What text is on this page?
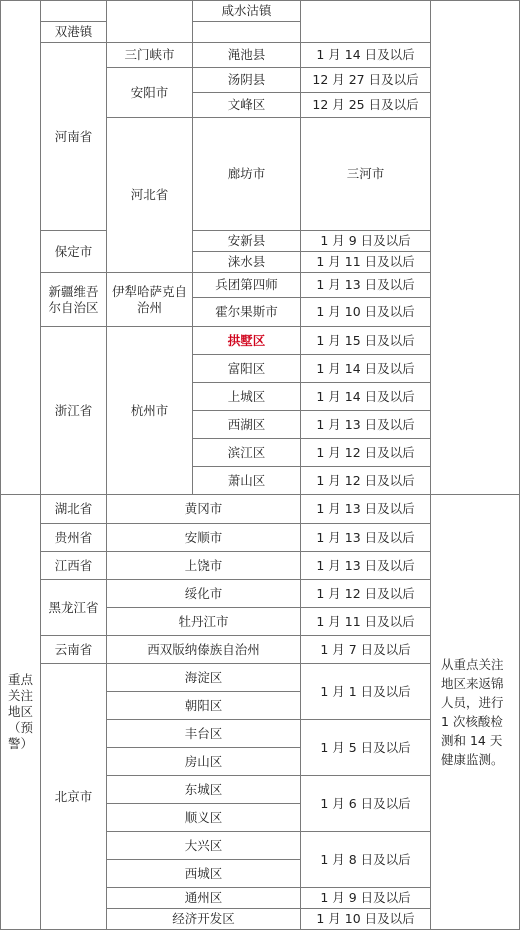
			咸水沽镇			
	双港镇					
	河南省	三门峡市	渑池县	1 月 14 日及以后		
		安阳市	汤阴县	12 月 27 日及以后		
			文峰区	12 月 25 日及以后		
		河北省	廊坊市	三河市	
	保定市		安新县	1 月 9 日及以后		
			涞水县	1 月 11 日及以后		
	新疆维吾尔自治区	伊犁哈萨克自治州	兵团第四师	1 月 13 日及以后		
			霍尔果斯市	1 月 10 日及以后		
	浙江省	杭州市	拱墅区	1 月 15 日及以后		
			富阳区	1 月 14 日及以后		
			上城区	1 月 14 日及以后		
			西湖区	1 月 13 日及以后		
			滨江区	1 月 12 日及以后		
			萧山区	1 月 12 日及以后		
重点关注地区（预警）	湖北省	黄冈市		1 月 13 日及以后	从重点关注地区来返锦人员，进行 1 次核酸检测和 14 天健康监测。	
	贵州省	安顺市		1 月 13 日及以后		
	江西省	上饶市		1 月 13 日及以后		
	黑龙江省	绥化市		1 月 12 日及以后		
		牡丹江市		1 月 11 日及以后		
	云南省	西双版纳傣族自治州		1 月 7 日及以后		
	北京市	海淀区		1 月 1 日及以后		
		朝阳区				
		丰台区		1 月 5 日及以后		
		房山区				
		东城区		1 月 6 日及以后		
		顺义区				
		大兴区		1 月 8 日及以后		
		西城区				
		通州区		1 月 9 日及以后		
		经济开发区		1 月 10 日及以后		
